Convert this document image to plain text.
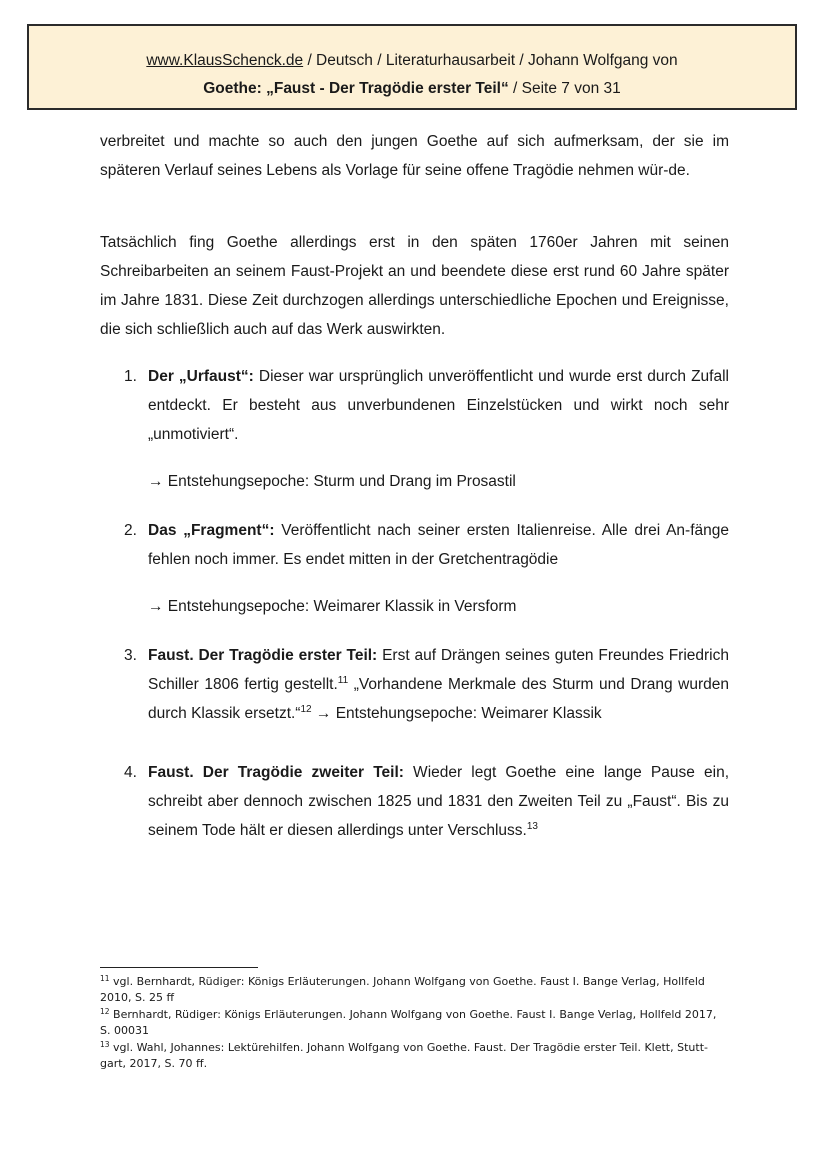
www.KlausSchenck.de / Deutsch / Literaturhausarbeit / Johann Wolfgang von
Goethe: „Faust - Der Tragödie erster Teil“ / Seite 7 von 31

verbreitet und machte so auch den jungen Goethe auf sich aufmerksam, der sie im späteren Verlauf seines Lebens als Vorlage für seine offene Tragödie nehmen wür-de.

Tatsächlich fing Goethe allerdings erst in den späten 1760er Jahren mit seinen Schreibarbeiten an seinem Faust-Projekt an und beendete diese erst rund 60 Jahre später im Jahre 1831. Diese Zeit durchzogen allerdings unterschiedliche Epochen und Ereignisse, die sich schließlich auch auf das Werk auswirkten.

1. Der „Urfaust“: Dieser war ursprünglich unveröffentlicht und wurde erst durch Zufall entdeckt. Er besteht aus unverbundenen Einzelstücken und wirkt noch sehr „unmotiviert“.
→ Entstehungsepoche: Sturm und Drang im Prosastil
2. Das „Fragment“: Veröffentlicht nach seiner ersten Italienreise. Alle drei An-fänge fehlen noch immer. Es endet mitten in der Gretchentragödie
→ Entstehungsepoche: Weimarer Klassik in Versform
3. Faust. Der Tragödie erster Teil: Erst auf Drängen seines guten Freundes Friedrich Schiller 1806 fertig gestellt.$^{11}$ „Vorhandene Merkmale des Sturm und Drang wurden durch Klassik ersetzt.“$^{12}$ → Entstehungsepoche: Weimarer Klassik
4. Faust. Der Tragödie zweiter Teil: Wieder legt Goethe eine lange Pause ein, schreibt aber dennoch zwischen 1825 und 1831 den Zweiten Teil zu „Faust“. Bis zu seinem Tode hält er diesen allerdings unter Verschluss.$^{13}$
$^{11}$ vgl. Bernhardt, Rüdiger: Königs Erläuterungen. Johann Wolfgang von Goethe. Faust I. Bange Verlag, Hollfeld 2010, S. 25 ff
$^{12}$ Bernhardt, Rüdiger: Königs Erläuterungen. Johann Wolfgang von Goethe. Faust I. Bange Verlag, Hollfeld 2017, S. 00031
$^{13}$ vgl. Wahl, Johannes: Lektürehilfen. Johann Wolfgang von Goethe. Faust. Der Tragödie erster Teil. Klett, Stutt-gart, 2017, S. 70 ff.
